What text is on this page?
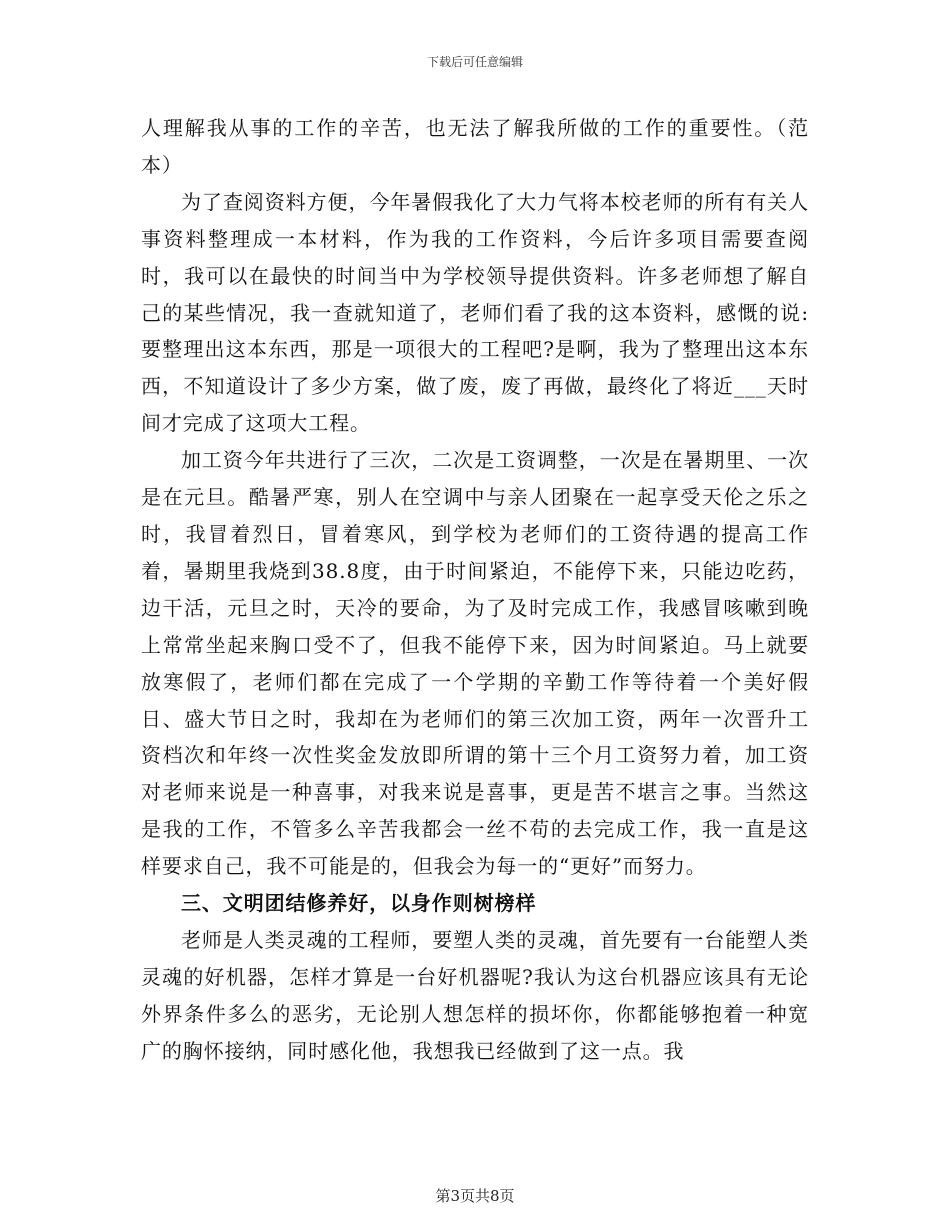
下载后可任意编辑

人理解我从事的工作的辛苦，也无法了解我所做的工作的重要性。（范本）

为了查阅资料方便，今年暑假我化了大力气将本校老师的所有有关人事资料整理成一本材料，作为我的工作资料，今后许多项目需要查阅时，我可以在最快的时间当中为学校领导提供资料。许多老师想了解自己的某些情况，我一查就知道了，老师们看了我的这本资料，感慨的说:要整理出这本东西，那是一项很大的工程吧?是啊，我为了整理出这本东西，不知道设计了多少方案，做了废，废了再做，最终化了将近___天时间才完成了这项大工程。

加工资今年共进行了三次，二次是工资调整，一次是在暑期里、一次是在元旦。酷暑严寒，别人在空调中与亲人团聚在一起享受天伦之乐之时，我冒着烈日，冒着寒风，到学校为老师们的工资待遇的提高工作着，暑期里我烧到38.8度，由于时间紧迫，不能停下来，只能边吃药，边干活，元旦之时，天冷的要命，为了及时完成工作，我感冒咳嗽到晚上常常坐起来胸口受不了，但我不能停下来，因为时间紧迫。马上就要放寒假了，老师们都在完成了一个学期的辛勤工作等待着一个美好假日、盛大节日之时，我却在为老师们的第三次加工资，两年一次晋升工资档次和年终一次性奖金发放即所谓的第十三个月工资努力着，加工资对老师来说是一种喜事，对我来说是喜事，更是苦不堪言之事。当然这是我的工作，不管多么辛苦我都会一丝不苟的去完成工作，我一直是这样要求自己，我不可能是的，但我会为每一的“更好”而努力。

三、文明团结修养好，以身作则树榜样

老师是人类灵魂的工程师，要塑人类的灵魂，首先要有一台能塑人类灵魂的好机器，怎样才算是一台好机器呢?我认为这台机器应该具有无论外界条件多么的恶劣，无论别人想怎样的损坏你，你都能够抱着一种宽广的胸怀接纳，同时感化他，我想我已经做到了这一点。我

第3页共8页
